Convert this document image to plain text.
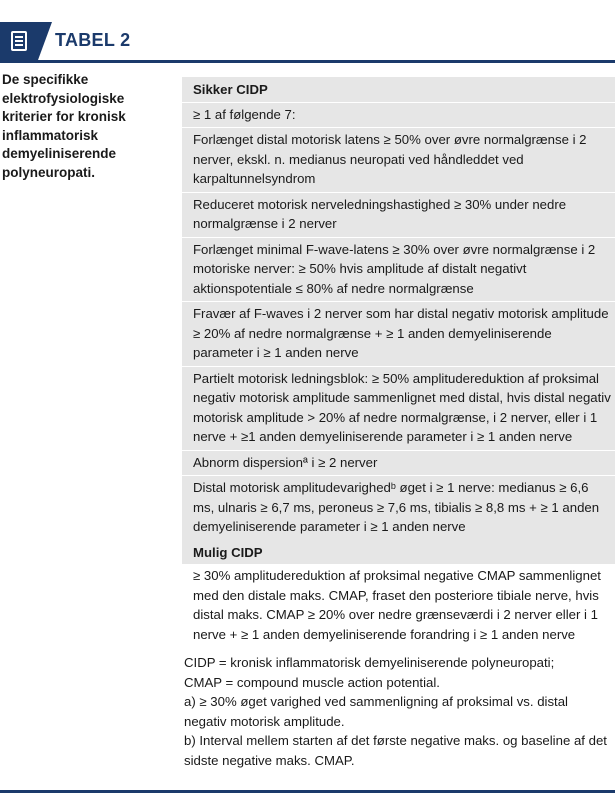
TABEL 2
De specifikke elektrofysiologiske kriterier for kronisk inflammatorisk demyeliniserende polyneuropati.
Sikker CIDP
≥ 1 af følgende 7:
Forlænget distal motorisk latens ≥ 50% over øvre normalgrænse i 2 nerver, ekskl. n. medianus neuropati ved håndleddet ved karpaltunnelsyndrom
Reduceret motorisk nerveledningshastighed ≥ 30% under nedre normalgrænse i 2 nerver
Forlænget minimal F-wave-latens ≥ 30% over øvre normalgrænse i 2 motoriske nerver: ≥ 50% hvis amplitude af distalt negativt aktionspotentiale ≤ 80% af nedre normalgrænse
Fravær af F-waves i 2 nerver som har distal negativ motorisk amplitude ≥ 20% af nedre normalgrænse + ≥ 1 anden demyeliniserende parameter i ≥ 1 anden nerve
Partielt motorisk ledningsblok: ≥ 50% amplitudereduktion af proksimal negativ motorisk amplitude sammenlignet med distal, hvis distal negativ motorisk amplitude > 20% af nedre normalgrænse, i 2 nerver, eller i 1 nerve + ≥1 anden demyeliniserende parameter i ≥ 1 anden nerve
Abnorm dispersionª i ≥ 2 nerver
Distal motorisk amplitudevarighedᵇ øget i ≥ 1 nerve: medianus ≥ 6,6 ms, ulnaris ≥ 6,7 ms, peroneus ≥ 7,6 ms, tibialis ≥ 8,8 ms + ≥ 1 anden demyeliniserende parameter i ≥ 1 anden nerve
Mulig CIDP
≥ 30% amplitudereduktion af proksimal negative CMAP sammenlignet med den distale maks. CMAP, fraset den posteriore tibiale nerve, hvis distal maks. CMAP ≥ 20% over nedre grænseværdi i 2 nerver eller i 1 nerve + ≥ 1 anden demyeliniserende forandring i ≥ 1 anden nerve
CIDP = kronisk inflammatorisk demyeliniserende polyneuropati;
CMAP = compound muscle action potential.
a) ≥ 30% øget varighed ved sammenligning af proksimal vs. distal negativ motorisk amplitude.
b) Interval mellem starten af det første negative maks. og baseline af det sidste negative maks. CMAP.
